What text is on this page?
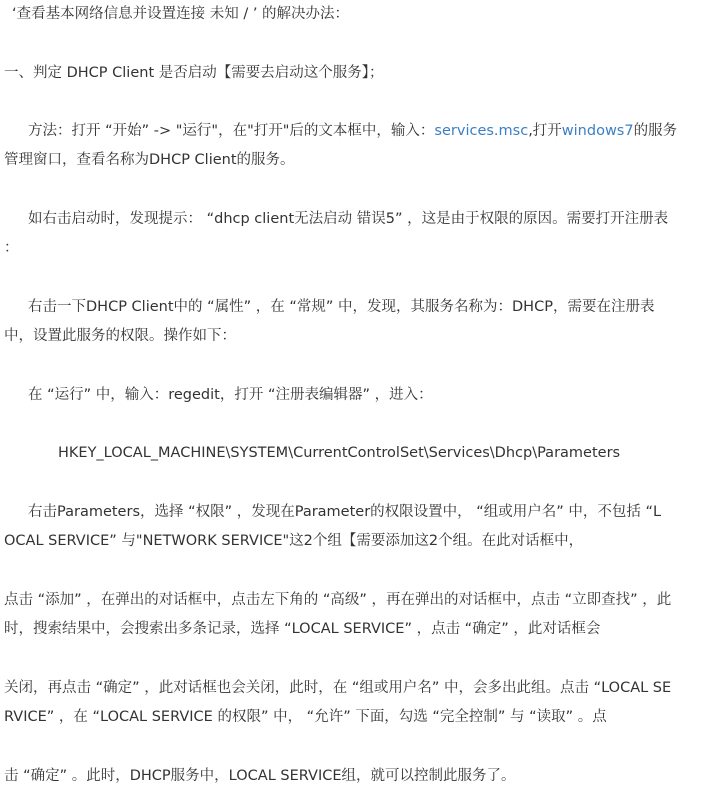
‘查看基本网络信息并设置连接 未知 / ’ 的解决办法：
一、判定 DHCP Client 是否启动【需要去启动这个服务】；
方法：打开 “开始” -> "运行"，在"打开"后的文本框中，输入：services.msc,打开windows7的服务
管理窗口，查看名称为DHCP Client的服务。
如右击启动时，发现提示： “dhcp client无法启动 错误5” ，这是由于权限的原因。需要打开注册表
：
右击一下DHCP Client中的 “属性” ，在 “常规” 中，发现，其服务名称为：DHCP，需要在注册表
中，设置此服务的权限。操作如下：
在 “运行” 中，输入：regedit，打开 “注册表编辑器” ，进入：
HKEY_LOCAL_MACHINE\SYSTEM\CurrentControlSet\Services\Dhcp\Parameters
右击Parameters，选择 “权限” ，发现在Parameter的权限设置中， “组或用户名” 中，不包括 “L
OCAL SERVICE” 与"NETWORK SERVICE"这2个组【需要添加这2个组。在此对话框中，
点击 “添加” ，在弹出的对话框中，点击左下角的 “高级” ，再在弹出的对话框中，点击 “立即查找” ，此
时，搜索结果中，会搜索出多条记录，选择 “LOCAL SERVICE” ，点击 “确定” ，此对话框会
关闭，再点击 “确定” ，此对话框也会关闭，此时，在 “组或用户名” 中，会多出此组。点击 “LOCAL SE
RVICE” ，在 “LOCAL SERVICE 的权限” 中， “允许” 下面，勾选 “完全控制” 与 “读取” 。点
击 “确定” 。此时，DHCP服务中，LOCAL SERVICE组，就可以控制此服务了。
